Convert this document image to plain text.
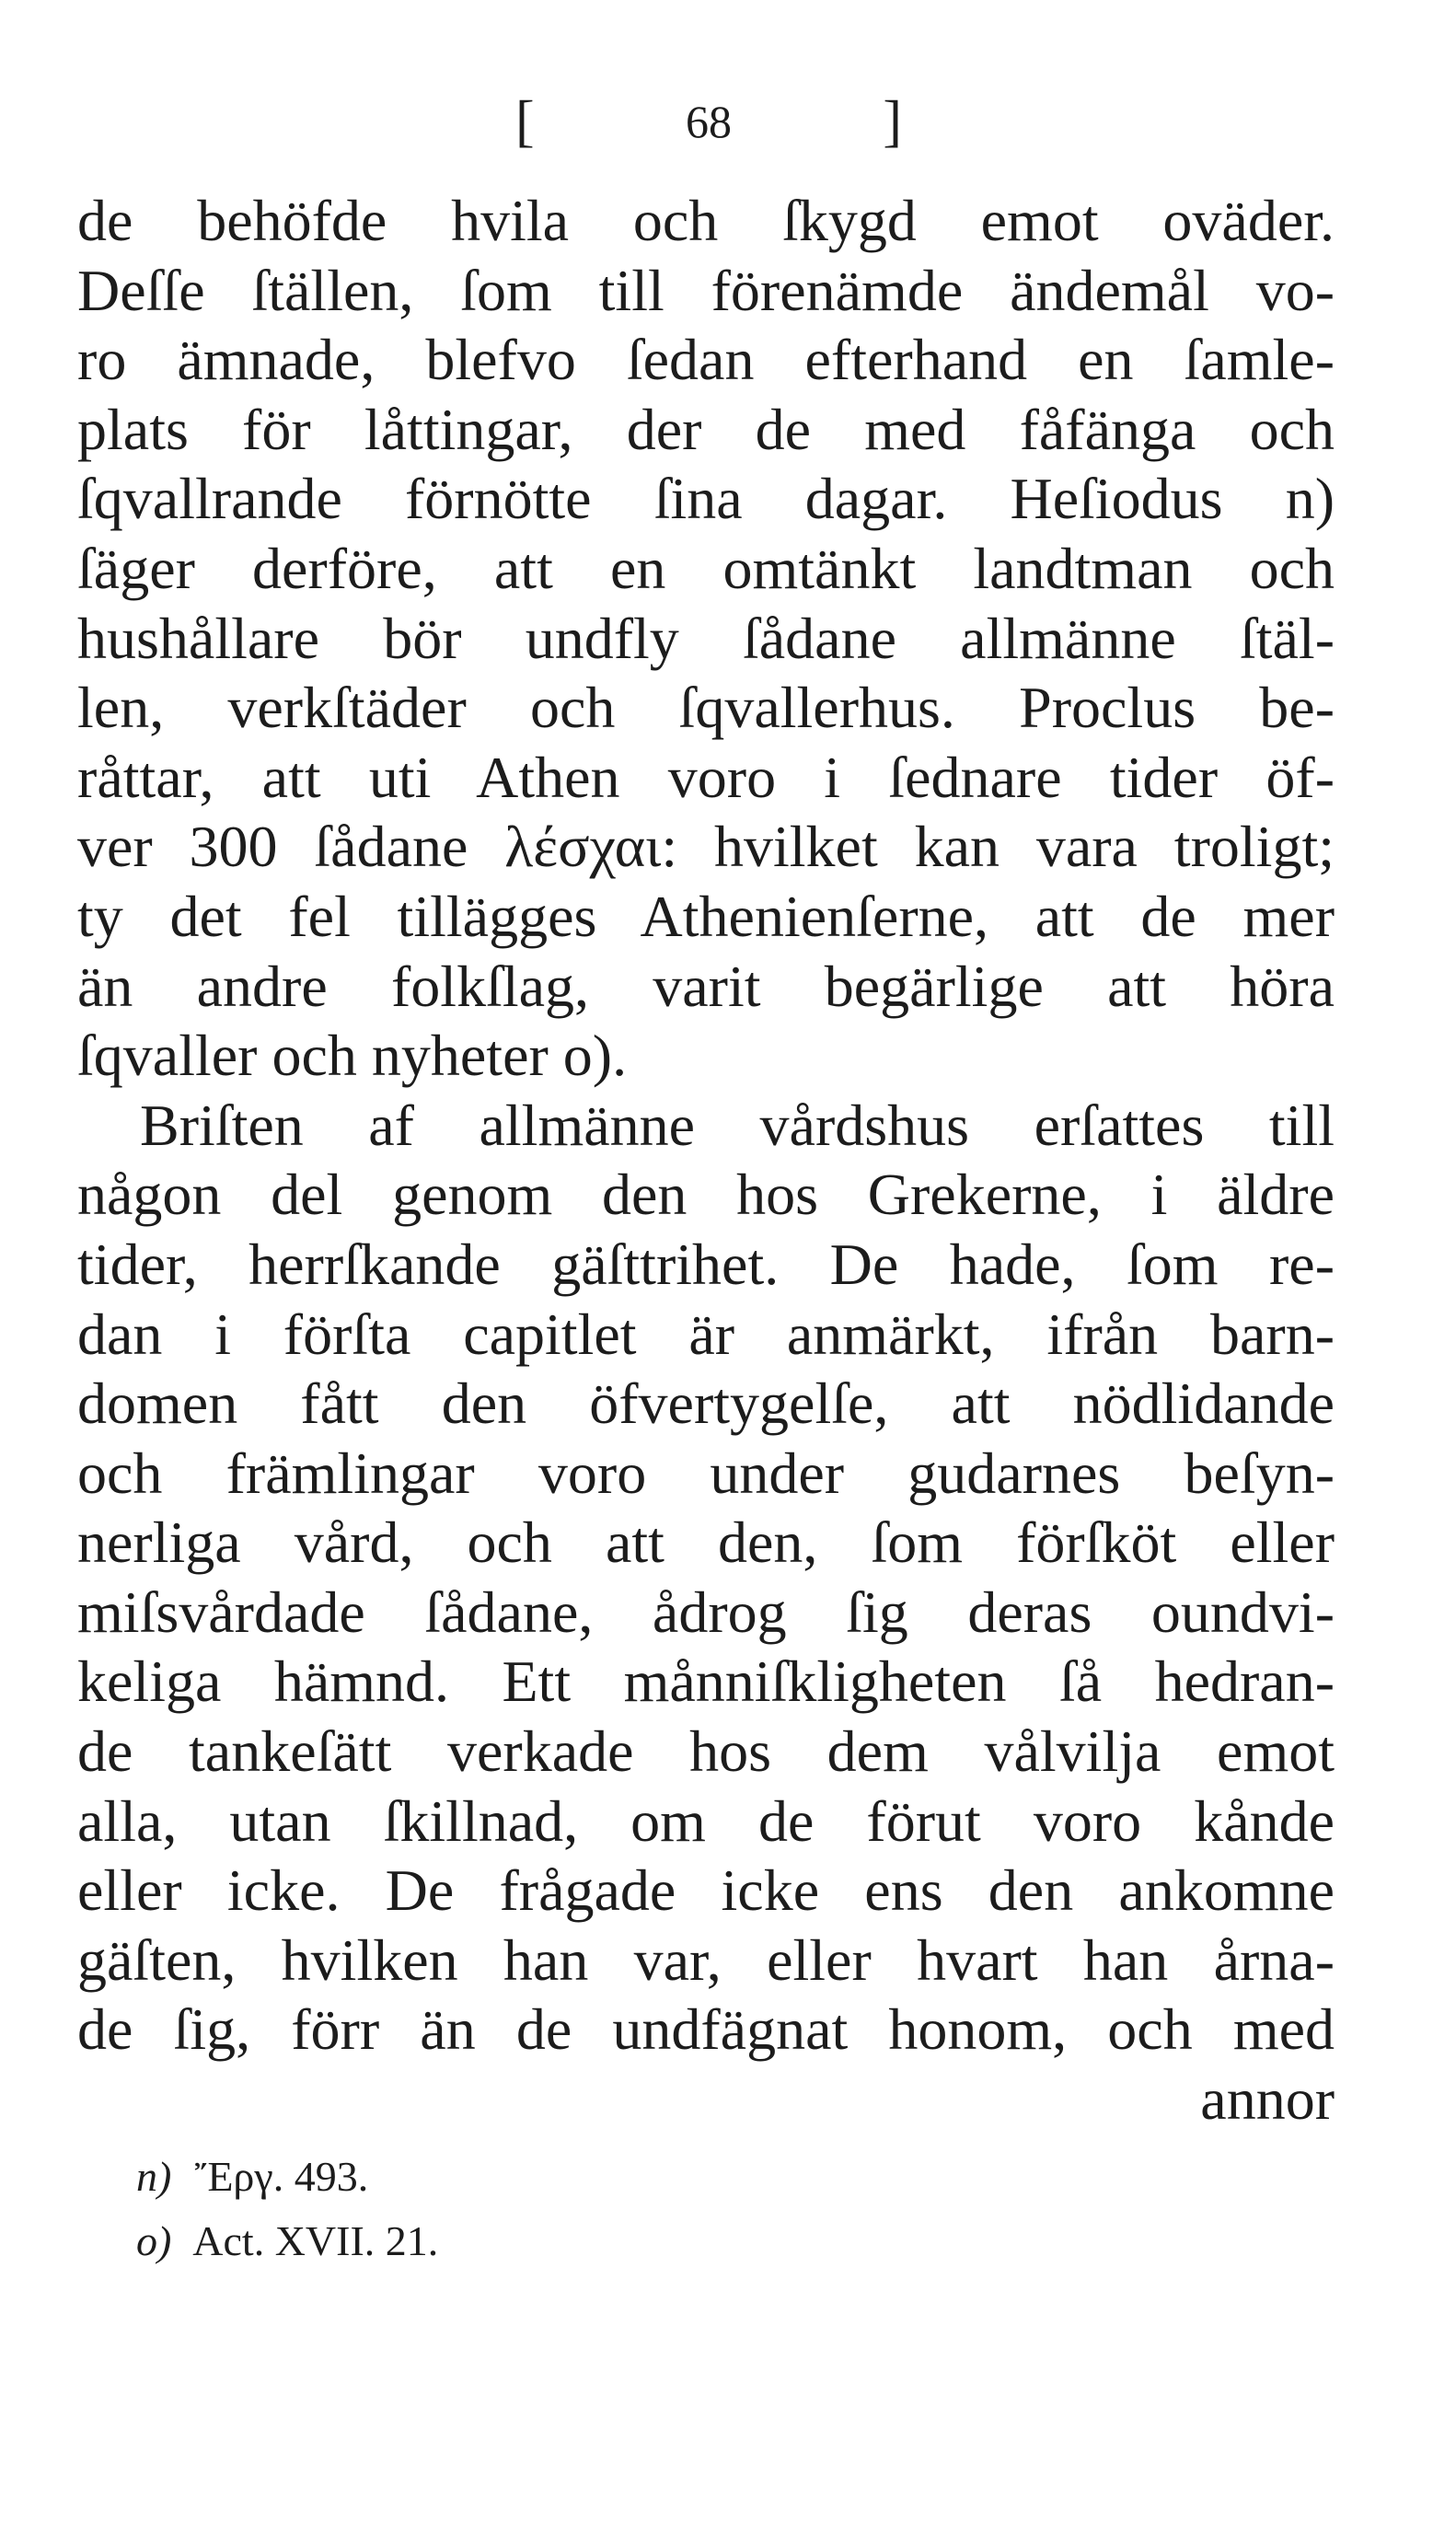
[	68	]
de behöfde hvila och ſkygd emot oväder.
Deſſe ſtällen, ſom till förenämde ändemål vo-
ro ämnade, blefvo ſedan efterhand en ſamle-
plats för låttingar, der de med fåfänga och
ſqvallrande förnötte ſina dagar. Heſiodus n)
ſäger derföre, att en omtänkt landtman och
hushållare bör undfly ſådane allmänne ſtäl-
len, verkſtäder och ſqvallerhus. Proclus be-
råttar, att uti Athen voro i ſednare tider öf-
ver 300 ſådane λέσχαι: hvilket kan vara troligt;
ty det fel tillägges Athenienſerne, att de mer
än andre folkſlag, varit begärlige att höra
ſqvaller och nyheter o).
Briſten af allmänne vårdshus erſattes till
någon del genom den hos Grekerne, i äldre
tider, herrſkande gäſttrihet. De hade, ſom re-
dan i förſta capitlet är anmärkt, ifrån barn-
domen fått den öfvertygelſe, att nödlidande
och främlingar voro under gudarnes beſyn-
nerliga vård, och att den, ſom förſköt eller
miſsvårdade ſådane, ådrog ſig deras oundvi-
keliga hämnd. Ett månniſkligheten ſå hedran-
de tankeſätt verkade hos dem vålvilja emot
alla, utan ſkillnad, om de förut voro kånde
eller icke. De frågade icke ens den ankomne
gäſten, hvilken han var, eller hvart han årna-
de ſig, förr än de undfägnat honom, och med
annor
n) Ἔργ. 493.
o) Act. XVII. 21.
